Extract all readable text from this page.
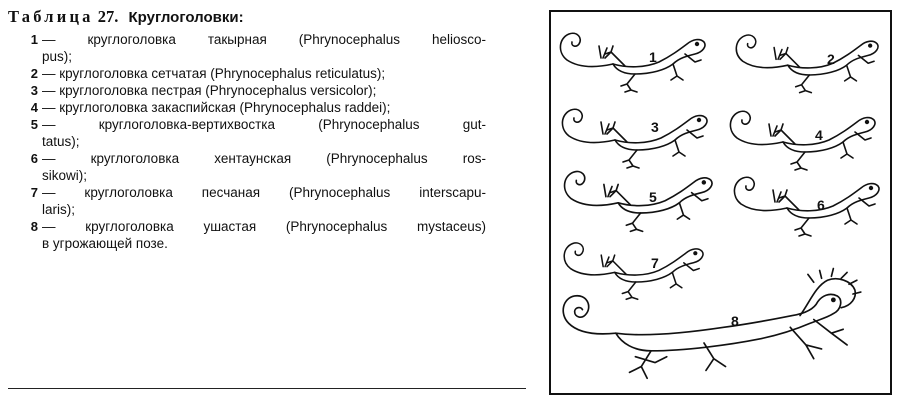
Таблица 27. Круглоголовки:
1 — круглоголовка такырная (Phrynocephalus helioscо-
pus);
2 — круглоголовка сетчатая (Phrynocephalus reticulatus);
3 — круглоголовка пестрая (Phrynocephalus versicolor);
4 — круглоголовка закаспийская (Phrynocephalus raddei);
5 — круглоголовка-вертихвостка (Phrynocephalus gut-
tatus);
6 — круглоголовка хентаунская (Phrynocephalus ros-
sikowi);
7 — круглоголовка песчаная (Phrynocephalus interscapu-
laris);
8 — круглоголовка ушастая (Phrynocephalus mystaceus)
в угрожающей позе.
1	2
3	4
5	6
7
8
